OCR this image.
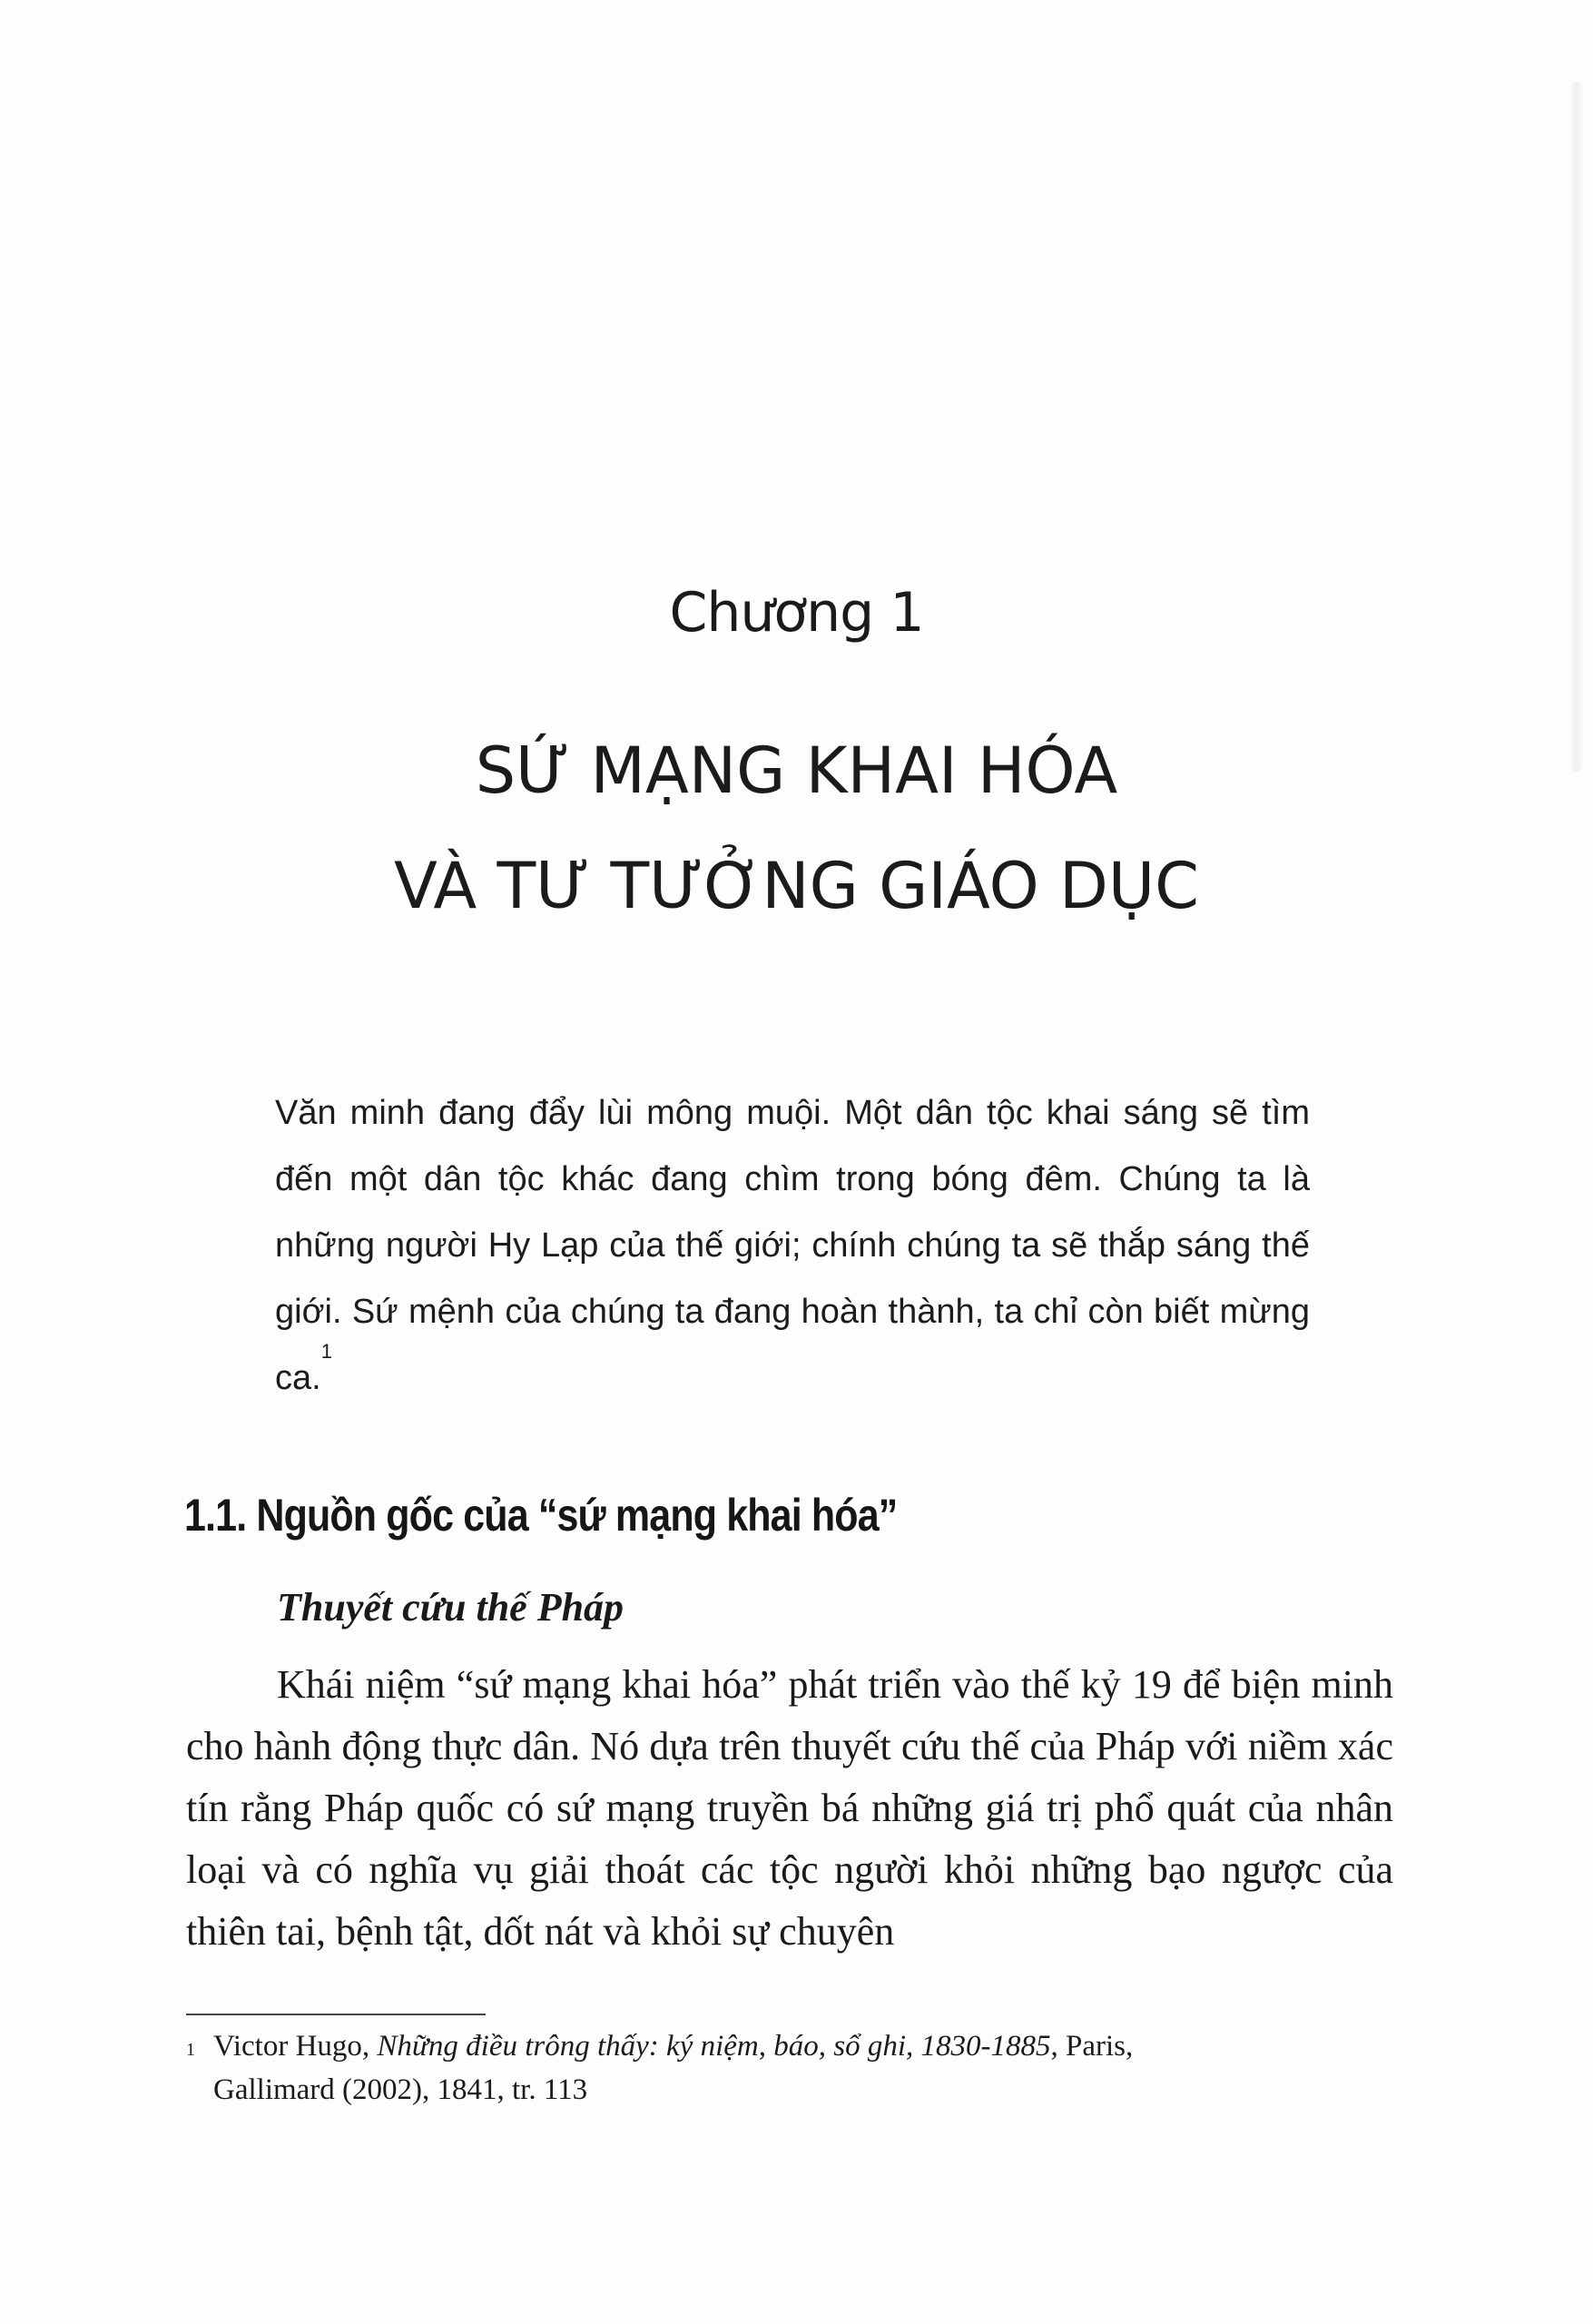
Chương 1
SỨ MẠNG KHAI HÓA
VÀ TƯ TƯỞNG GIÁO DỤC

Văn minh đang đẩy lùi mông muội. Một dân tộc khai sáng sẽ tìm đến một dân tộc khác đang chìm trong bóng đêm. Chúng ta là những người Hy Lạp của thế giới; chính chúng ta sẽ thắp sáng thế giới. Sứ mệnh của chúng ta đang hoàn thành, ta chỉ còn biết mừng ca.$^1$

1.1. Nguồn gốc của “sứ mạng khai hóa”
Thuyết cứu thế Pháp

Khái niệm “sứ mạng khai hóa” phát triển vào thế kỷ 19 để biện minh cho hành động thực dân. Nó dựa trên thuyết cứu thế của Pháp với niềm xác tín rằng Pháp quốc có sứ mạng truyền bá những giá trị phổ quát của nhân loại và có nghĩa vụ giải thoát các tộc người khỏi những bạo ngược của thiên tai, bệnh tật, dốt nát và khỏi sự chuyên

$^1$ Victor Hugo, Những điều trông thấy: ký niệm, báo, sổ ghi, 1830-1885, Paris,
Gallimard (2002), 1841, tr. 113
